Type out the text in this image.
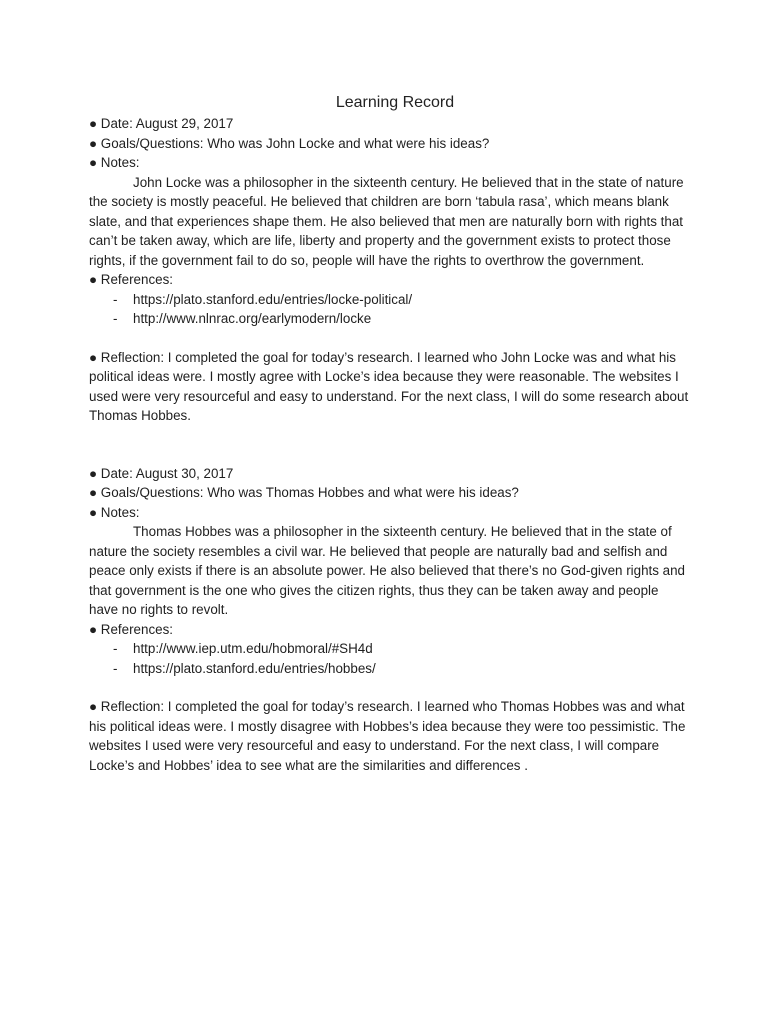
Learning Record

● Date: August 29, 2017

● Goals/Questions: Who was John Locke and what were his ideas?

● Notes:

John Locke was a philosopher in the sixteenth century. He believed that in the state of nature the society is mostly peaceful. He believed that children are born ‘tabula rasa’, which means blank slate, and that experiences shape them. He also believed that men are naturally born with rights that can’t be taken away, which are life, liberty and property and the government exists to protect those rights, if the government fail to do so, people will have the rights to overthrow the government.

● References:

- https://plato.stanford.edu/entries/locke-political/
- http://www.nlnrac.org/earlymodern/locke

● Reflection: I completed the goal for today’s research. I learned who John Locke was and what his political ideas were. I mostly agree with Locke’s idea because they were reasonable. The websites I used were very resourceful and easy to understand. For the next class, I will do some research about Thomas Hobbes.

● Date: August 30, 2017

● Goals/Questions: Who was Thomas Hobbes and what were his ideas?

● Notes:

Thomas Hobbes was a philosopher in the sixteenth century. He believed that in the state of nature the society resembles a civil war. He believed that people are naturally bad and selfish and peace only exists if there is an absolute power. He also believed that there’s no God-given rights and that government is the one who gives the citizen rights, thus they can be taken away and people have no rights to revolt.

● References:

- http://www.iep.utm.edu/hobmoral/#SH4d
- https://plato.stanford.edu/entries/hobbes/

● Reflection: I completed the goal for today’s research. I learned who Thomas Hobbes was and what his political ideas were. I mostly disagree with Hobbes’s idea because they were too pessimistic. The websites I used were very resourceful and easy to understand. For the next class, I will compare Locke’s and Hobbes’ idea to see what are the similarities and differences .
